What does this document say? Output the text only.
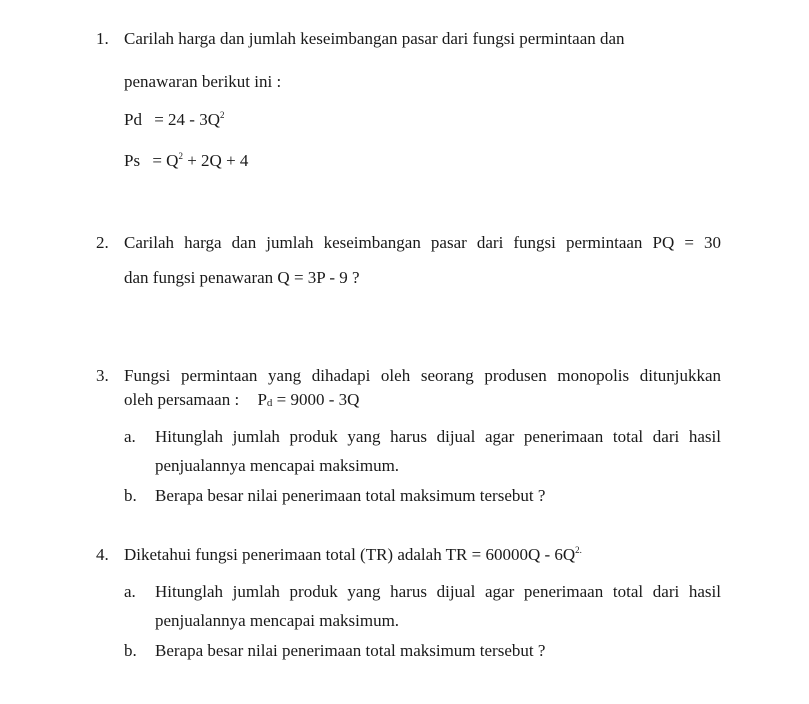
1. Carilah harga dan jumlah keseimbangan pasar dari fungsi permintaan dan
penawaran berikut ini :
$Pd = 24 - 3Q^2$
$Ps = Q^2 + 2Q + 4$
2. Carilah harga dan jumlah keseimbangan pasar dari fungsi permintaan PQ = 30
dan fungsi penawaran Q = 3P - 9 ?
3. Fungsi permintaan yang dihadapi oleh seorang produsen monopolis ditunjukkan
oleh persamaan : $P_d = 9000 - 3Q$
a. Hitunglah jumlah produk yang harus dijual agar penerimaan total dari hasil
penjualannya mencapai maksimum.
b. Berapa besar nilai penerimaan total maksimum tersebut ?
4. Diketahui fungsi penerimaan total (TR) adalah TR = $60000Q - 6Q^{2.}$
a. Hitunglah jumlah produk yang harus dijual agar penerimaan total dari hasil
penjualannya mencapai maksimum.
b. Berapa besar nilai penerimaan total maksimum tersebut ?
